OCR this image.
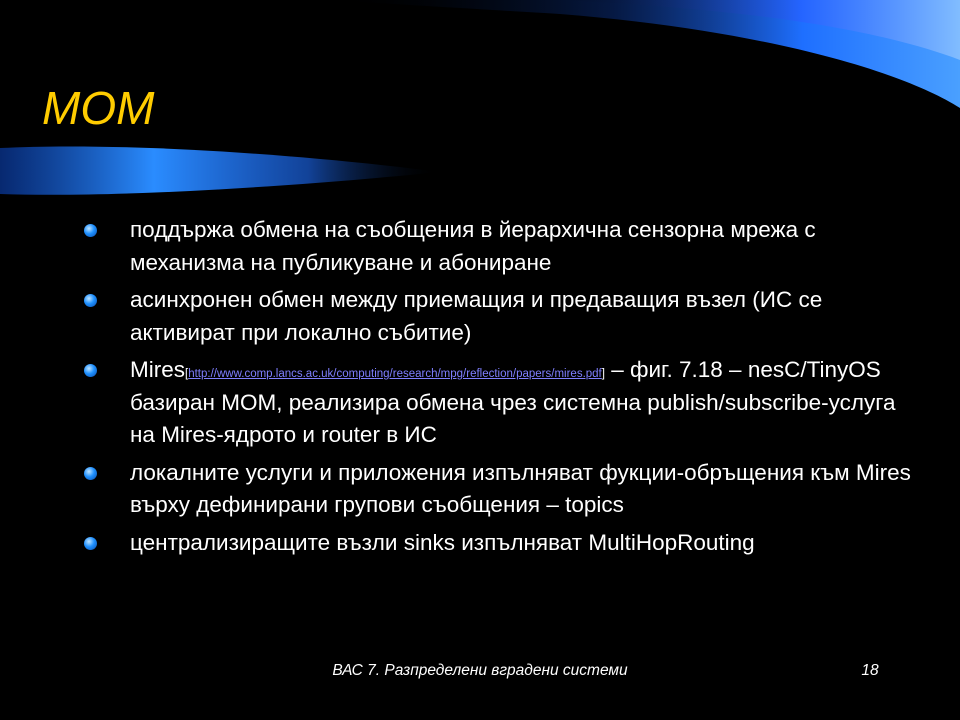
МОМ
поддържа обмена на съобщения в йерархична сензорна мрежа с механизма на публикуване и абониране
асинхронен обмен между приемащия и предаващия възел (ИС се активират при локално събитие)
Mires[http://www.comp.lancs.ac.uk/computing/research/mpg/reflection/papers/mires.pdf] – фиг. 7.18 – nesC/TinyOS базиран МОМ, реализира обмена чрез системна publish/subscribe-услуга на Mires-ядрото и router в ИС
локалните услуги и приложения изпълняват фукции-обръщения към Mires върху дефинирани групови съобщения – topics
централизиращите възли sinks изпълняват MultiHopRouting
ВАС 7. Разпределени вградени системи	18
